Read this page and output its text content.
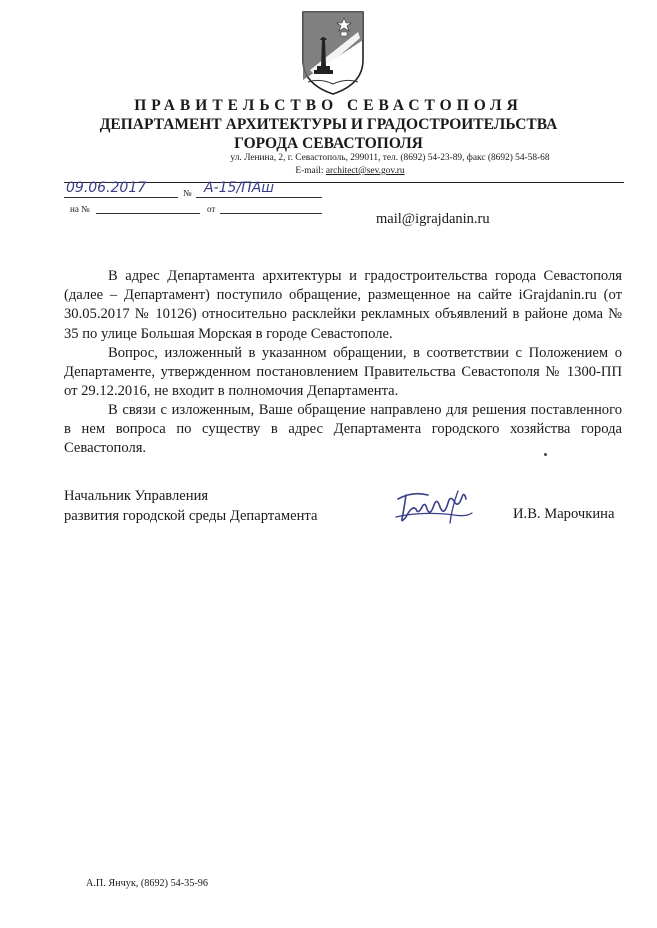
ПРАВИТЕЛЬСТВО СЕВАСТОПОЛЯ
ДЕПАРТАМЕНТ АРХИТЕКТУРЫ И ГРАДОСТРОИТЕЛЬСТВА
ГОРОДА СЕВАСТОПОЛЯ
ул. Ленина, 2, г. Севастополь, 299011, тел. (8692) 54-23-89, факс (8692) 54-58-68
E-mail: architect@sev.gov.ru
09.06.2017	№ А-15/ПАш
на №	от
mail@igrajdanin.ru
В адрес Департамента архитектуры и градостроительства города Севастополя (далее – Департамент) поступило обращение, размещенное на сайте iGrajdanin.ru (от 30.05.2017 № 10126) относительно расклейки рекламных объявлений в районе дома № 35 по улице Большая Морская в городе Севастополе.
Вопрос, изложенный в указанном обращении, в соответствии с Положением о Департаменте, утвержденном постановлением Правительства Севастополя № 1300-ПП от 29.12.2016, не входит в полномочия Департамента.
В связи с изложенным, Ваше обращение направлено для решения поставленного в нем вопроса по существу в адрес Департамента городского хозяйства города Севастополя.
Начальник Управления
развития городской среды Департамента	И.В. Марочкина
А.П. Янчук, (8692) 54-35-96
